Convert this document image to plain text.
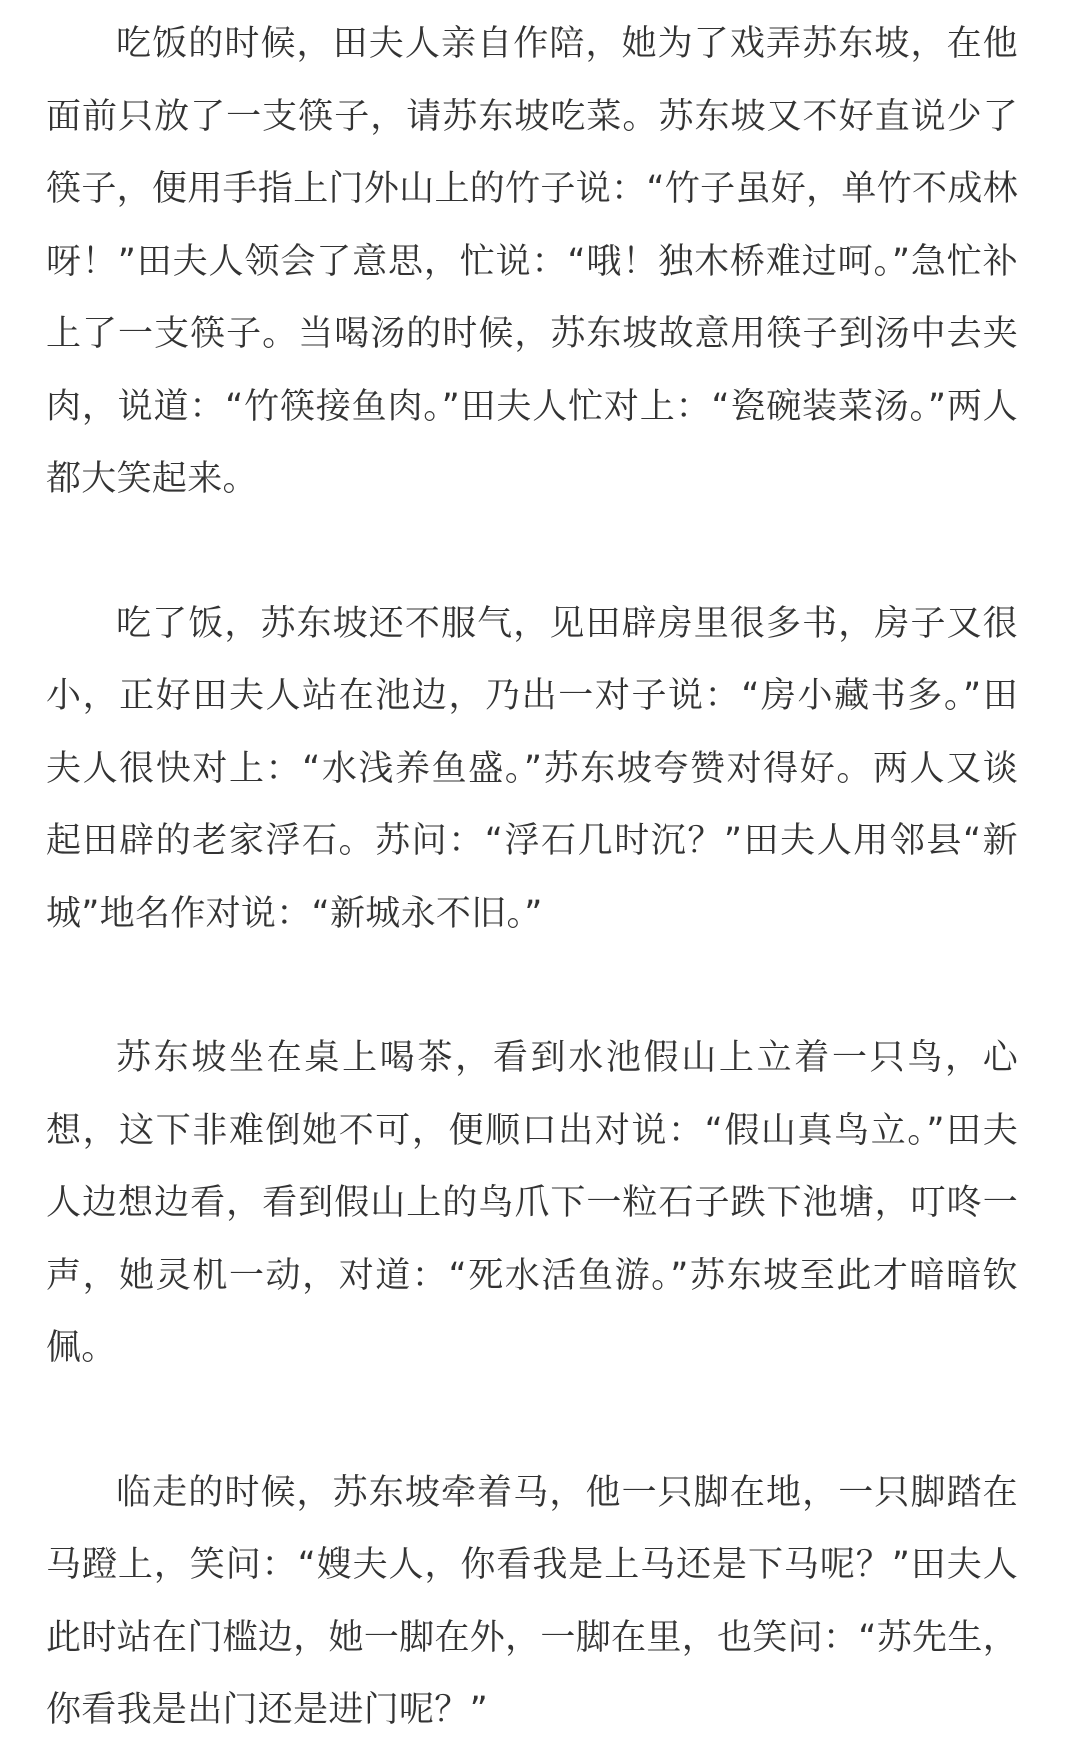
吃饭的时候，田夫人亲自作陪，她为了戏弄苏东坡，在他面前只放了一支筷子，请苏东坡吃菜。苏东坡又不好直说少了筷子，便用手指上门外山上的竹子说：“竹子虽好，单竹不成林呀！”田夫人领会了意思，忙说：“哦！独木桥难过呵。”急忙补上了一支筷子。当喝汤的时候，苏东坡故意用筷子到汤中去夹肉，说道：“竹筷接鱼肉。”田夫人忙对上：“瓷碗装菜汤。”两人都大笑起来。

吃了饭，苏东坡还不服气，见田辟房里很多书，房子又很小，正好田夫人站在池边，乃出一对子说：“房小藏书多。”田夫人很快对上：“水浅养鱼盛。”苏东坡夸赞对得好。两人又谈起田辟的老家浮石。苏问：“浮石几时沉？”田夫人用邻县“新城”地名作对说：“新城永不旧。”

苏东坡坐在桌上喝茶，看到水池假山上立着一只鸟，心想，这下非难倒她不可，便顺口出对说：“假山真鸟立。”田夫人边想边看，看到假山上的鸟爪下一粒石子跌下池塘，叮咚一声，她灵机一动，对道：“死水活鱼游。”苏东坡至此才暗暗钦佩。

临走的时候，苏东坡牵着马，他一只脚在地，一只脚踏在马蹬上，笑问：“嫂夫人，你看我是上马还是下马呢？”田夫人此时站在门槛边，她一脚在外，一脚在里，也笑问：“苏先生，你看我是出门还是进门呢？”
